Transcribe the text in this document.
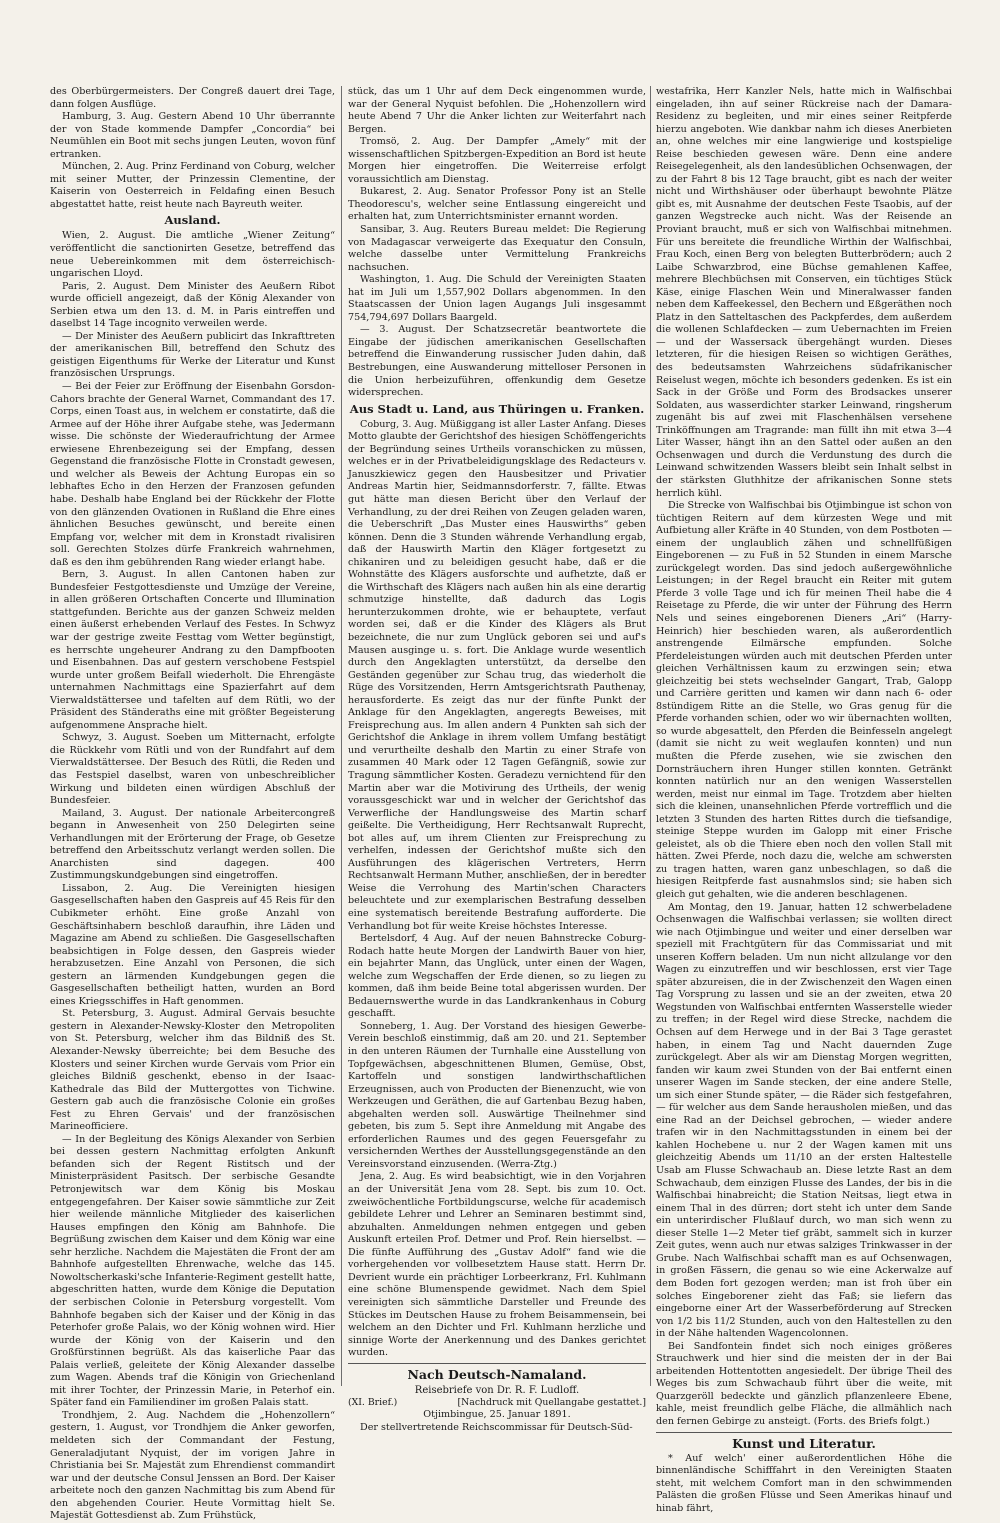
des Oberbürgermeisters. Der Congreß dauert drei Tage, dann folgen Ausflüge.

Hamburg, 3. Aug. Gestern Abend 10 Uhr überrannte der von Stade kommende Dampfer „Concordia“ bei Neumühlen ein Boot mit sechs jungen Leuten, wovon fünf ertranken.

München, 2. Aug. Prinz Ferdinand von Coburg, welcher mit seiner Mutter, der Prinzessin Clementine, der Kaiserin von Oesterreich in Feldafing einen Besuch abgestattet hatte, reist heute nach Bayreuth weiter.

Ausland.

Wien, 2. August. Die amtliche „Wiener Zeitung“ veröffentlicht die sanctionirten Gesetze, betreffend das neue Uebereinkommen mit dem österreichisch-ungarischen Lloyd.

Paris, 2. August. Dem Minister des Aeußern Ribot wurde officiell angezeigt, daß der König Alexander von Serbien etwa um den 13. d. M. in Paris eintreffen und daselbst 14 Tage incognito verweilen werde.

— Der Minister des Aeußern publicirt das Inkrafttreten der amerikanischen Bill, betreffend den Schutz des geistigen Eigenthums für Werke der Literatur und Kunst französischen Ursprungs.

— Bei der Feier zur Eröffnung der Eisenbahn Gorsdon-Cahors brachte der General Warnet, Commandant des 17. Corps, einen Toast aus, in welchem er constatirte, daß die Armee auf der Höhe ihrer Aufgabe stehe, was Jedermann wisse. Die schönste der Wiederaufrichtung der Armee erwiesene Ehrenbezeigung sei der Empfang, dessen Gegenstand die französische Flotte in Cronstadt gewesen, und welcher als Beweis der Achtung Europas ein so lebhaftes Echo in den Herzen der Franzosen gefunden habe. Deshalb habe England bei der Rückkehr der Flotte von den glänzenden Ovationen in Rußland die Ehre eines ähnlichen Besuches gewünscht, und bereite einen Empfang vor, welcher mit dem in Kronstadt rivalisiren soll. Gerechten Stolzes dürfe Frankreich wahrnehmen, daß es den ihm gebührenden Rang wieder erlangt habe.

Bern, 3. August. In allen Cantonen haben zur Bundesfeier Festgottesdienste und Umzüge der Vereine, in allen größeren Ortschaften Concerte und Illumination stattgefunden. Berichte aus der ganzen Schweiz melden einen äußerst erhebenden Verlauf des Festes. In Schwyz war der gestrige zweite Festtag vom Wetter begünstigt, es herrschte ungeheurer Andrang zu den Dampfbooten und Eisenbahnen. Das auf gestern verschobene Festspiel wurde unter großem Beifall wiederholt. Die Ehrengäste unternahmen Nachmittags eine Spazierfahrt auf dem Vierwaldstättersee und tafelten auf dem Rütli, wo der Präsident des Ständeraths eine mit größter Begeisterung aufgenommene Ansprache hielt.

Schwyz, 3. August. Soeben um Mitternacht, erfolgte die Rückkehr vom Rütli und von der Rundfahrt auf dem Vierwaldstättersee. Der Besuch des Rütli, die Reden und das Festspiel daselbst, waren von unbeschreiblicher Wirkung und bildeten einen würdigen Abschluß der Bundesfeier.

Mailand, 3. August. Der nationale Arbeitercongreß begann in Anwesenheit von 250 Delegirten seine Verhandlungen mit der Erörterung der Frage, ob Gesetze betreffend den Arbeitsschutz verlangt werden sollen. Die Anarchisten sind dagegen. 400 Zustimmungskundgebungen sind eingetroffen.

Lissabon, 2. Aug. Die Vereinigten hiesigen Gasgesellschaften haben den Gaspreis auf 45 Reis für den Cubikmeter erhöht. Eine große Anzahl von Geschäftsinhabern beschloß daraufhin, ihre Läden und Magazine am Abend zu schließen. Die Gasgesellschaften beabsichtigen in Folge dessen, den Gaspreis wieder herabzusetzen. Eine Anzahl von Personen, die sich gestern an lärmenden Kundgebungen gegen die Gasgesellschaften betheiligt hatten, wurden an Bord eines Kriegsschiffes in Haft genommen.

St. Petersburg, 3. August. Admiral Gervais besuchte gestern in Alexander-Newsky-Kloster den Metropoliten von St. Petersburg, welcher ihm das Bildniß des St. Alexander-Newsky überreichte; bei dem Besuche des Klosters und seiner Kirchen wurde Gervais vom Prior ein gleiches Bildniß geschenkt, ebenso in der Isaac-Kathedrale das Bild der Muttergottes von Tichwine. Gestern gab auch die französische Colonie ein großes Fest zu Ehren Gervais' und der französischen Marineofficiere.

— In der Begleitung des Königs Alexander von Serbien bei dessen gestern Nachmittag erfolgten Ankunft befanden sich der Regent Ristitsch und der Ministerpräsident Pasitsch. Der serbische Gesandte Petronjewitsch war dem König bis Moskau entgegengefahren. Der Kaiser sowie sämmtliche zur Zeit hier weilende männliche Mitglieder des kaiserlichen Hauses empfingen den König am Bahnhofe. Die Begrüßung zwischen dem Kaiser und dem König war eine sehr herzliche. Nachdem die Majestäten die Front der am Bahnhofe aufgestellten Ehrenwache, welche das 145. Nowoltscherkaski'sche Infanterie-Regiment gestellt hatte, abgeschritten hatten, wurde dem Könige die Deputation der serbischen Colonie in Petersburg vorgestellt. Vom Bahnhofe begaben sich der Kaiser und der König in das Peterhofer große Palais, wo der König wohnen wird. Hier wurde der König von der Kaiserin und den Großfürstinnen begrüßt. Als das kaiserliche Paar das Palais verließ, geleitete der König Alexander dasselbe zum Wagen. Abends traf die Königin von Griechenland mit ihrer Tochter, der Prinzessin Marie, in Peterhof ein. Später fand ein Familiendiner im großen Palais statt.

Trondhjem, 2. Aug. Nachdem die „Hohenzollern“ gestern, 1. August, vor Trondhjem die Anker geworfen, meldeten sich der Commandant der Festung, Generaladjutant Nyquist, der im vorigen Jahre in Christiania bei Sr. Majestät zum Ehrendienst commandirt war und der deutsche Consul Jenssen an Bord. Der Kaiser arbeitete noch den ganzen Nachmittag bis zum Abend für den abgehenden Courier. Heute Vormittag hielt Se. Majestät Gottesdienst ab. Zum Frühstück,

stück, das um 1 Uhr auf dem Deck eingenommen wurde, war der General Nyquist befohlen. Die „Hohenzollern wird heute Abend 7 Uhr die Anker lichten zur Weiterfahrt nach Bergen.

Tromsö, 2. Aug. Der Dampfer „Amely“ mit der wissenschaftlichen Spitzbergen-Expedition an Bord ist heute Morgen hier eingetroffen. Die Weiterreise erfolgt voraussichtlich am Dienstag.

Bukarest, 2. Aug. Senator Professor Pony ist an Stelle Theodorescu's, welcher seine Entlassung eingereicht und erhalten hat, zum Unterrichtsminister ernannt worden.

Sansibar, 3. Aug. Reuters Bureau meldet: Die Regierung von Madagascar verweigerte das Exequatur den Consuln, welche dasselbe unter Vermittelung Frankreichs nachsuchen.

Washington, 1. Aug. Die Schuld der Vereinigten Staaten hat im Juli um 1,557,902 Dollars abgenommen. In den Staatscassen der Union lagen Augangs Juli insgesammt 754,794,697 Dollars Baargeld.

— 3. August. Der Schatzsecretär beantwortete die Eingabe der jüdischen amerikanischen Gesellschaften betreffend die Einwanderung russischer Juden dahin, daß Bestrebungen, eine Auswanderung mittelloser Personen in die Union herbeizuführen, offenkundig dem Gesetze widersprechen.

Aus Stadt u. Land, aus Thüringen u. Franken.

Coburg, 3. Aug. Müßiggang ist aller Laster Anfang. Dieses Motto glaubte der Gerichtshof des hiesigen Schöffengerichts der Begründung seines Urtheils voranschicken zu müssen, welches er in der Privatbeleidigungsklage des Redacteurs v. Januszkiewicz gegen den Hausbesitzer und Privatier Andreas Martin hier, Seidmannsdorferstr. 7, fällte. Etwas gut hätte man diesen Bericht über den Verlauf der Verhandlung, zu der drei Reihen von Zeugen geladen waren, die Ueberschrift „Das Muster eines Hauswirths“ geben können. Denn die 3 Stunden währende Verhandlung ergab, daß der Hauswirth Martin den Kläger fortgesetzt zu chikaniren und zu beleidigen gesucht habe, daß er die Wohnstätte des Klägers ausforschte und aufhetzte, daß er die Wirthschaft des Klägers nach außen hin als eine derartig schmutzige hinstellte, daß dadurch das Logis herunterzukommen drohte, wie er behauptete, verfaut worden sei, daß er die Kinder des Klägers als Brut bezeichnete, die nur zum Unglück geboren sei und auf's Mausen ausginge u. s. fort. Die Anklage wurde wesentlich durch den Angeklagten unterstützt, da derselbe den Geständen gegenüber zur Schau trug, das wiederholt die Rüge des Vorsitzenden, Herrn Amtsgerichtsrath Pauthenay, herausforderte. Es zeigt das nur der fünfte Punkt der Anklage für den Angeklagten, angeregts Beweises, mit Freisprechung aus. Im allen andern 4 Punkten sah sich der Gerichtshof die Anklage in ihrem vollem Umfang bestätigt und verurtheilte deshalb den Martin zu einer Strafe von zusammen 40 Mark oder 12 Tagen Gefängniß, sowie zur Tragung sämmtlicher Kosten. Geradezu vernichtend für den Martin aber war die Motivirung des Urtheils, der wenig voraussgeschickt war und in welcher der Gerichtshof das Verwerfliche der Handlungsweise des Martin scharf geißelte. Die Vertheidigung, Herr Rechtsanwalt Ruprecht, bot alles auf, um ihrem Clienten zur Freisprechung zu verhelfen, indessen der Gerichtshof mußte sich den Ausführungen des klägerischen Vertreters, Herrn Rechtsanwalt Hermann Muther, anschließen, der in beredter Weise die Verrohung des Martin'schen Characters beleuchtete und zur exemplarischen Bestrafung desselben eine systematisch bereitende Bestrafung aufforderte. Die Verhandlung bot für weite Kreise höchstes Interesse.

Bertelsdorf, 4 Aug. Auf der neuen Bahnstrecke Coburg-Rodach hatte heute Morgen der Landwirth Bauer von hier, ein bejahrter Mann, das Unglück, unter einen der Wagen, welche zum Wegschaffen der Erde dienen, so zu liegen zu kommen, daß ihm beide Beine total abgerissen wurden. Der Bedauernswerthe wurde in das Landkrankenhaus in Coburg geschafft.

Sonneberg, 1. Aug. Der Vorstand des hiesigen Gewerbe-Verein beschloß einstimmig, daß am 20. und 21. September in den unteren Räumen der Turnhalle eine Ausstellung von Topfgewächsen, abgeschnittenen Blumen, Gemüse, Obst, Kartoffeln und sonstigen landwirthschaftlichen Erzeugnissen, auch von Producten der Bienenzucht, wie von Werkzeugen und Geräthen, die auf Gartenbau Bezug haben, abgehalten werden soll. Auswärtige Theilnehmer sind gebeten, bis zum 5. Sept ihre Anmeldung mit Angabe des erforderlichen Raumes und des gegen Feuersgefahr zu versichernden Werthes der Ausstellungsgegenstände an den Vereinsvorstand einzusenden. (Werra-Ztg.)

Jena, 2. Aug. Es wird beabsichtigt, wie in den Vorjahren an der Universität Jena vom 28. Sept. bis zum 10. Oct. zweiwöchentliche Fortbildungscurse, welche für academisch gebildete Lehrer und Lehrer an Seminaren bestimmt sind, abzuhalten. Anmeldungen nehmen entgegen und geben Auskunft erteilen Prof. Detmer und Prof. Rein hierselbst. — Die fünfte Aufführung des „Gustav Adolf“ fand wie die vorhergehenden vor vollbesetztem Hause statt. Herrn Dr. Devrient wurde ein prächtiger Lorbeerkranz, Frl. Kuhlmann eine schöne Blumenspende gewidmet. Nach dem Spiel vereinigten sich sämmtliche Darsteller und Freunde des Stückes im Deutschen Hause zu frohem Beisammensein, bei welchem an den Dichter und Frl. Kuhlmann herzliche und sinnige Worte der Anerkennung und des Dankes gerichtet wurden.

Nach Deutsch-Namaland.
Reisebriefe von Dr. R. F. Ludloff.
(XI. Brief.)	[Nachdruck mit Quellangabe gestattet.]
Otjimbingue, 25. Januar 1891.

Der stellvertretende Reichscommissar für Deutsch-Süd-

westafrika, Herr Kanzler Nels, hatte mich in Walfischbai eingeladen, ihn auf seiner Rückreise nach der Damara-Residenz zu begleiten, und mir eines seiner Reitpferde hierzu angeboten. Wie dankbar nahm ich dieses Anerbieten an, ohne welches mir eine langwierige und kostspielige Reise beschieden gewesen wäre. Denn eine andere Reisegelegenheit, als den landesüblichen Ochsenwagen, der zu der Fahrt 8 bis 12 Tage braucht, gibt es nach der weiter nicht und Wirthshäuser oder überhaupt bewohnte Plätze gibt es, mit Ausnahme der deutschen Feste Tsaobis, auf der ganzen Wegstrecke auch nicht. Was der Reisende an Proviant braucht, muß er sich von Walfischbai mitnehmen. Für uns bereitete die freundliche Wirthin der Walfischbai, Frau Koch, einen Berg von belegten Butterbrödern; auch 2 Laibe Schwarzbrod, eine Büchse gemahlenen Kaffee, mehrere Blechbüchsen mit Conserven, ein tüchtiges Stück Käse, einige Flaschen Wein und Mineralwasser fanden neben dem Kaffeekessel, den Bechern und Eßgeräthen noch Platz in den Satteltaschen des Packpferdes, dem außerdem die wollenen Schlafdecken — zum Uebernachten im Freien — und der Wassersack übergehängt wurden. Dieses letzteren, für die hiesigen Reisen so wichtigen Geräthes, des bedeutsamsten Wahrzeichens südafrikanischer Reiselust wegen, möchte ich besonders gedenken. Es ist ein Sack in der Größe und Form des Brodsackes unserer Soldaten, aus wasserdichter starker Leinwand, ringsherum zugenäht bis auf zwei mit Flaschenhälsen versehene Trinköffnungen am Tragrande: man füllt ihn mit etwa 3—4 Liter Wasser, hängt ihn an den Sattel oder außen an den Ochsenwagen und durch die Verdunstung des durch die Leinwand schwitzenden Wassers bleibt sein Inhalt selbst in der stärksten Gluthhitze der afrikanischen Sonne stets herrlich kühl.

Die Strecke von Walfischbai bis Otjimbingue ist schon von tüchtigen Reitern auf dem kürzesten Wege und mit Aufbietung aller Kräfte in 40 Stunden, von dem Postboten — einem der unglaublich zähen und schnellfüßigen Eingeborenen — zu Fuß in 52 Stunden in einem Marsche zurückgelegt worden. Das sind jedoch außergewöhnliche Leistungen; in der Regel braucht ein Reiter mit gutem Pferde 3 volle Tage und ich für meinen Theil habe die 4 Reisetage zu Pferde, die wir unter der Führung des Herrn Nels und seines eingeborenen Dieners „Ari“ (Harry-Heinrich) hier beschieden waren, als außerordentlich anstrengende Eilmärsche empfunden. Solche Pferdeleistungen würden auch mit deutschen Pferden unter gleichen Verhältnissen kaum zu erzwingen sein; etwa gleichzeitig bei stets wechselnder Gangart, Trab, Galopp und Carrière geritten und kamen wir dann nach 6- oder 8stündigem Ritte an die Stelle, wo Gras genug für die Pferde vorhanden schien, oder wo wir übernachten wollten, so wurde abgesattelt, den Pferden die Beinfesseln angelegt (damit sie nicht zu weit weglaufen konnten) und nun mußten die Pferde zusehen, wie sie zwischen den Dornsträuchern ihren Hunger stillen konnten. Getränkt konnten natürlich nur an den wenigen Wasserstellen werden, meist nur einmal im Tage. Trotzdem aber hielten sich die kleinen, unansehnlichen Pferde vortrefflich und die letzten 3 Stunden des harten Rittes durch die tiefsandige, steinige Steppe wurden im Galopp mit einer Frische geleistet, als ob die Thiere eben noch den vollen Stall mit hätten. Zwei Pferde, noch dazu die, welche am schwersten zu tragen hatten, waren ganz unbeschlagen, so daß die hiesigen Reitpferde fast ausnahmslos sind; sie haben sich gleich gut gehalten, wie die anderen beschlagenen.

Am Montag, den 19. Januar, hatten 12 schwerbeladene Ochsenwagen die Walfischbai verlassen; sie wollten direct wie nach Otjimbingue und weiter und einer derselben war speziell mit Frachtgütern für das Commissariat und mit unseren Koffern beladen. Um nun nicht allzulange vor den Wagen zu einzutreffen und wir beschlossen, erst vier Tage später abzureisen, die in der Zwischenzeit den Wagen einen Tag Vorsprung zu lassen und sie an der zweiten, etwa 20 Wegstunden von Walfischbai entfernten Wasserstelle wieder zu treffen; in der Regel wird diese Strecke, nachdem die Ochsen auf dem Herwege und in der Bai 3 Tage gerastet haben, in einem Tag und Nacht dauernden Zuge zurückgelegt. Aber als wir am Dienstag Morgen wegritten, fanden wir kaum zwei Stunden von der Bai entfernt einen unserer Wagen im Sande stecken, der eine andere Stelle, um sich einer Stunde später, — die Räder sich festgefahren, — für welcher aus dem Sande herausholen mießen, und das eine Rad an der Deichsel gebrochen, — wieder andere trafen wir in den Nachmittagsstunden in einem bei der kahlen Hochebene u. nur 2 der Wagen kamen mit uns gleichzeitig Abends um 11/10 an der ersten Haltestelle Usab am Flusse Schwachaub an. Diese letzte Rast an dem Schwachaub, dem einzigen Flusse des Landes, der bis in die Walfischbai hinabreicht; die Station Neitsas, liegt etwa in einem Thal in des dürren; dort steht ich unter dem Sande ein unterirdischer Flußlauf durch, wo man sich wenn zu dieser Stelle 1—2 Meter tief gräbt, sammelt sich in kurzer Zeit gutes, wenn auch nur etwas salziges Trinkwasser in der Grube. Nach Walfischbai schafft man es auf Ochsenwagen, in großen Fässern, die genau so wie eine Ackerwalze auf dem Boden fort gezogen werden; man ist froh über ein solches Eingeborener zieht das Faß; sie liefern das eingeborne einer Art der Wasserbeförderung auf Strecken von 1/2 bis 11/2 Stunden, auch von den Haltestellen zu den in der Nähe haltenden Wagencolonnen.

Bei Sandfontein findet sich noch einiges größeres Strauchwerk und hier sind die meisten der in der Bai arbeitenden Hottentotten angesiedelt. Der übrige Theil des Weges bis zum Schwachaub führt über die weite, mit Quarzgeröll bedeckte und gänzlich pflanzenleere Ebene, kahle, meist freundlich gelbe Fläche, die allmählich nach den fernen Gebirge zu ansteigt. (Forts. des Briefs folgt.)

Kunst und Literatur.

* Auf welch' einer außerordentlichen Höhe die binnenländische Schifffahrt in den Vereinigten Staaten steht, mit welchem Comfort man in den schwimmenden Palästen die großen Flüsse und Seen Amerikas hinauf und hinab fährt,
